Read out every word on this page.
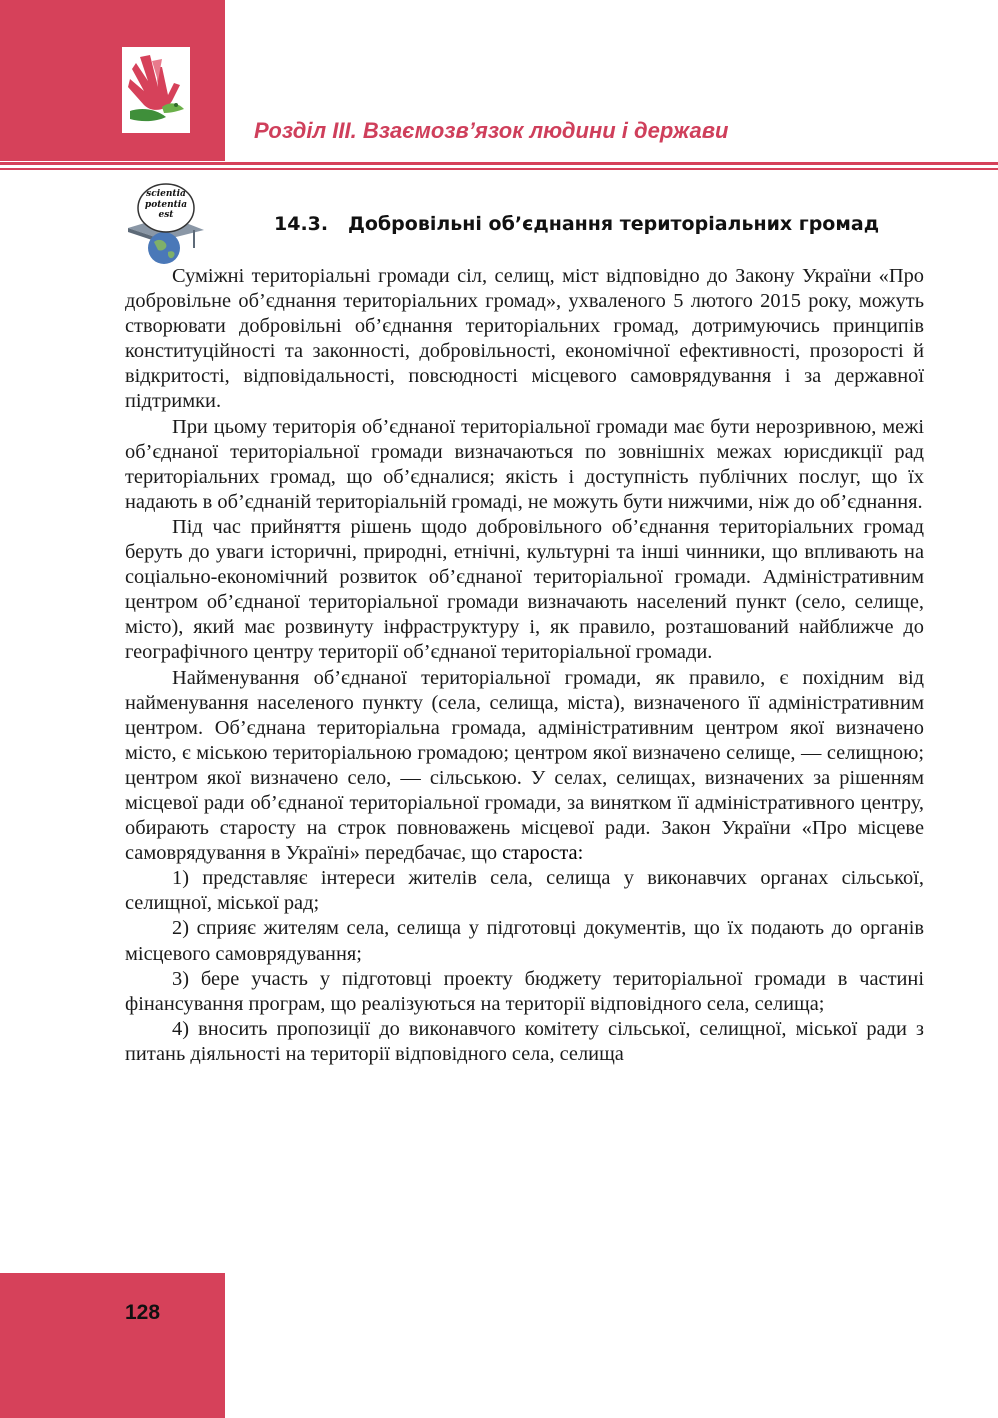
Розділ ІІІ. Взаємозв’язок людини і держави
scientia
potentia
est	14.3.   Добровільні об’єднання територіальних громад

Суміжні територіальні громади сіл, селищ, міст відповідно до Закону України «Про добровільне об’єднання територіальних громад», ухваленого 5 лютого 2015 року, можуть створювати добровільні об’єднання територіальних громад, дотримуючись принципів конституційності та законності, добровільності, економічної ефективності, прозорості й відкритості, відповідальності, повсюдності місцевого самоврядування і за державної підтримки.

При цьому територія об’єднаної територіальної громади має бути нерозривною, межі об’єднаної територіальної громади визначаються по зовнішніх межах юрисдикції рад територіальних громад, що об’єдналися; якість і доступність публічних послуг, що їх надають в об’єднаній територіальній громаді, не можуть бути нижчими, ніж до об’єднання.

Під час прийняття рішень щодо добровільного об’єднання територіальних громад беруть до уваги історичні, природні, етнічні, культурні та інші чинники, що впливають на соціально-економічний розвиток об’єднаної територіальної громади. Адміністративним центром об’єднаної територіальної громади визначають населений пункт (село, селище, місто), який має розвинуту інфраструктуру і, як правило, розташований найближче до географічного центру території об’єднаної територіальної громади.

Найменування об’єднаної територіальної громади, як правило, є похідним від найменування населеного пункту (села, селища, міста), визначеного її адміністративним центром. Об’єднана територіальна громада, адміністративним центром якої визначено місто, є міською територіальною громадою; центром якої визначено селище, — селищною; центром якої визначено село, — сільською. У селах, селищах, визначених за рішенням місцевої ради об’єднаної територіальної громади, за винятком її адміністративного центру, обирають старосту на строк повноважень місцевої ради. Закон України «Про місцеве самоврядування в Україні» передбачає, що староста:

1) представляє інтереси жителів села, селища у виконавчих органах сільської, селищної, міської рад;

2) сприяє жителям села, селища у підготовці документів, що їх подають до органів місцевого самоврядування;

3) бере участь у підготовці проекту бюджету територіальної громади в частині фінансування програм, що реалізуються на території відповідного села, селища;

4) вносить пропозиції до виконавчого комітету сільської, селищної, міської ради з питань діяльності на території відповідного села, селища

128
